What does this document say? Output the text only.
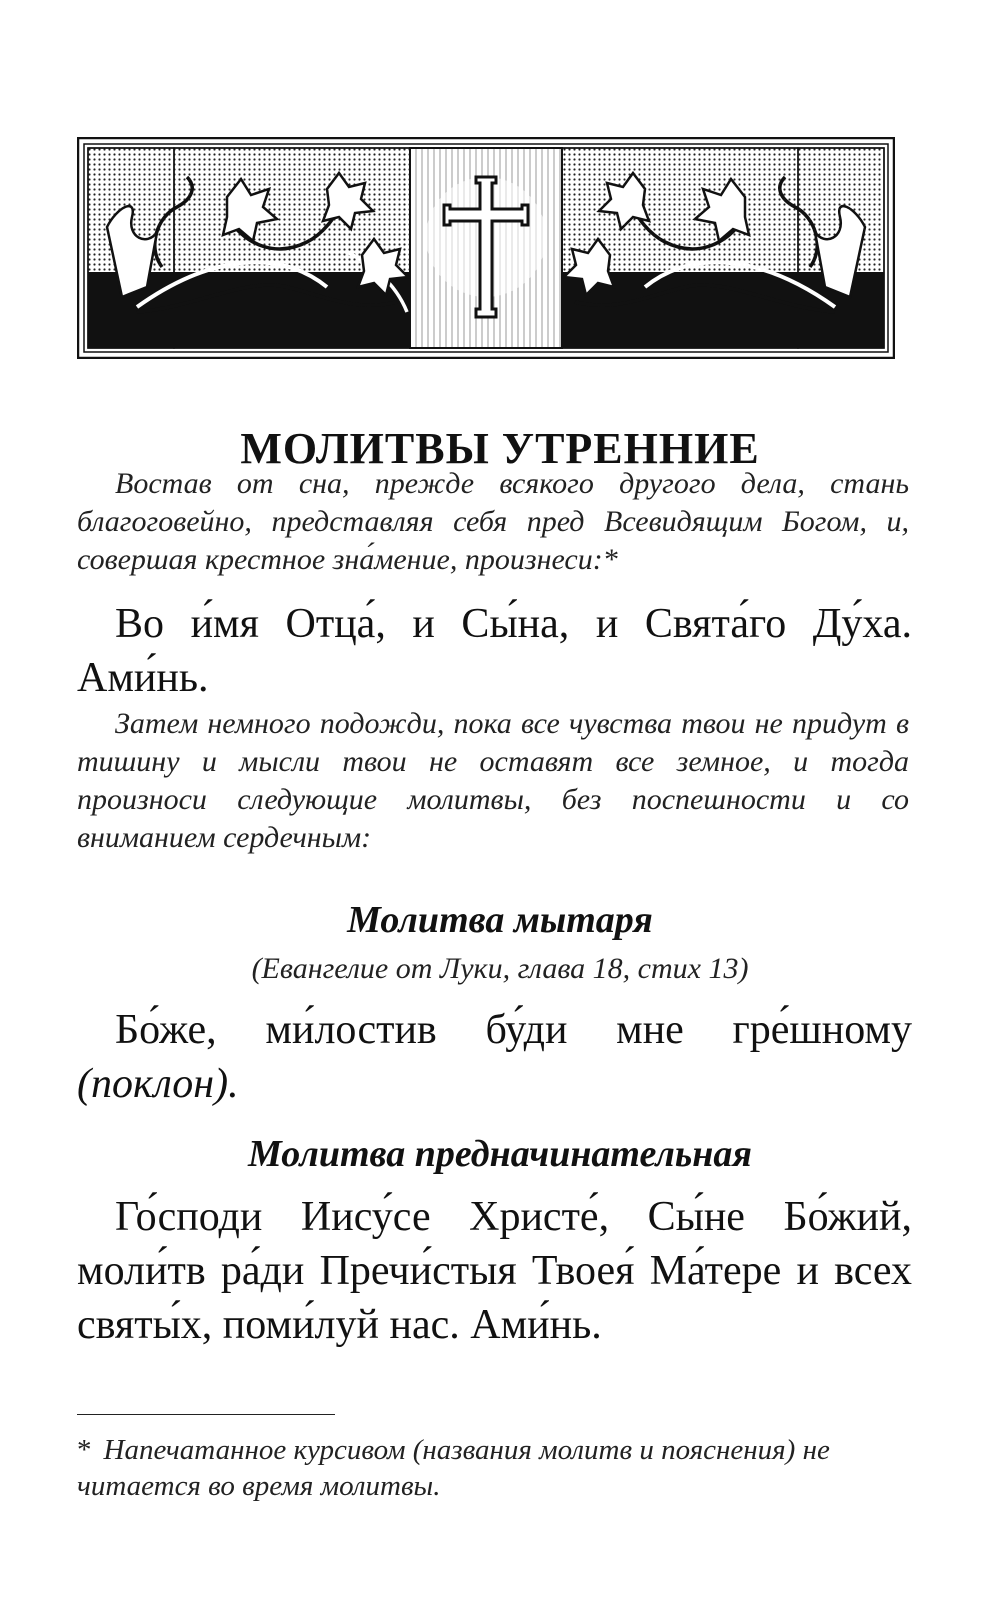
МОЛИТВЫ УТРЕННИЕ
Востав от сна, прежде всякого другого дела, стань благоговейно, представляя себя пред Всевидящим Богом, и, совершая крестное зна́мение, произнеси:*
Во и́мя Отца́, и Сы́на, и Свята́го Ду́ха. Ами́нь.
Затем немного подожди, пока все чувства твои не придут в тишину и мысли твои не оставят все земное, и тогда произноси следующие молитвы, без поспешности и со вниманием сердечным:
Молитва мытаря
(Евангелие от Луки, глава 18, стих 13)
Бо́же, ми́лостив бу́ди мне гре́шному (поклон).
Молитва предначинательная
Го́споди Иису́се Христе́, Сы́не Бо́жий, моли́тв ра́ди Пречи́стыя Твоея́ Ма́тере и всех святы́х, поми́луй нас. Ами́нь.
* Напечатанное курсивом (названия молитв и пояснения) не читается во время молитвы.
